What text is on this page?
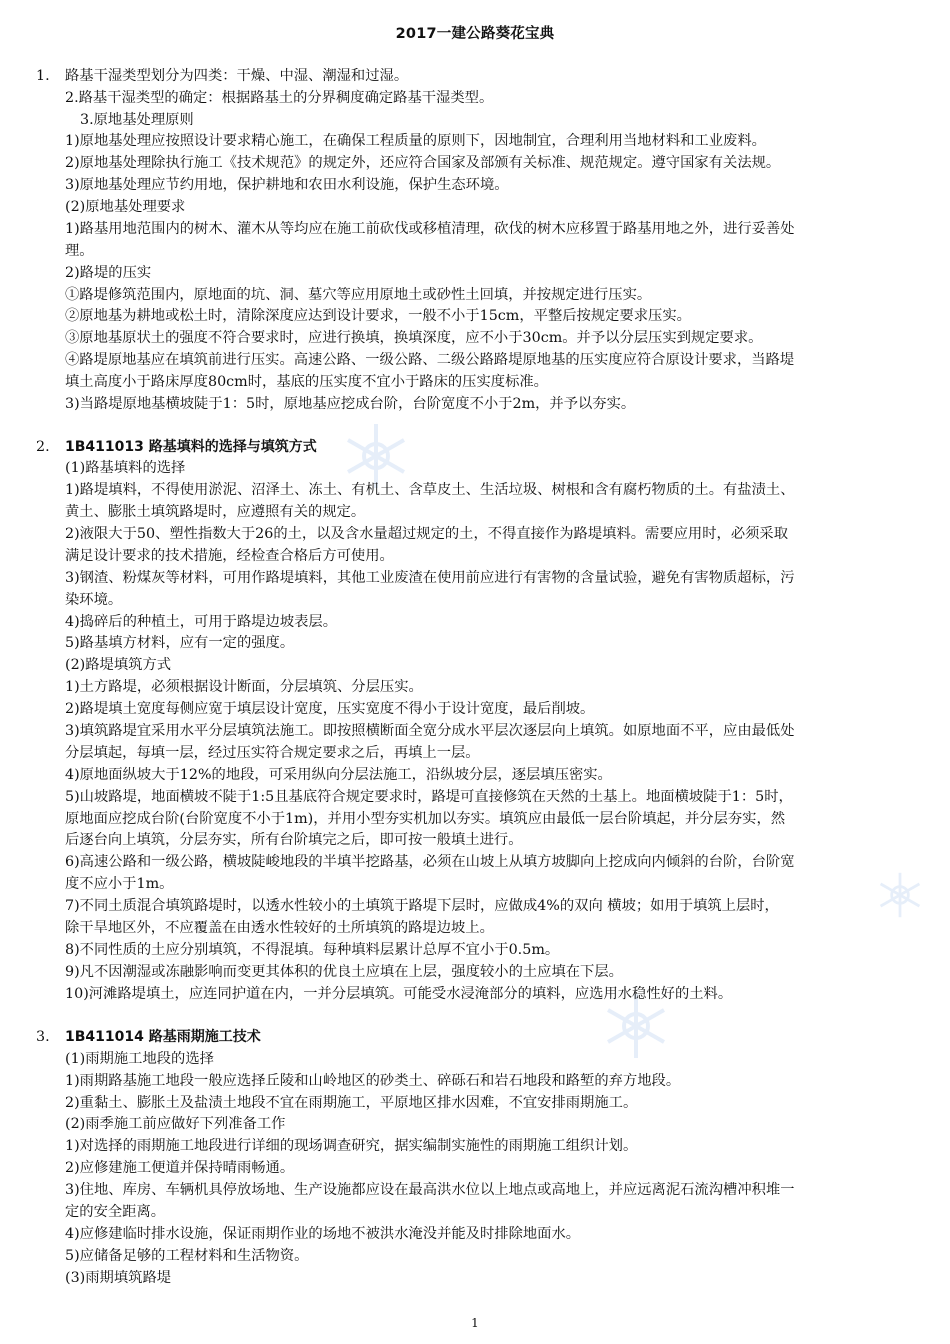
2017一建公路葵花宝典
1. 路基干湿类型划分为四类：干燥、中湿、潮湿和过湿。
2.路基干湿类型的确定：根据路基土的分界稠度确定路基干湿类型。
3.原地基处理原则
1)原地基处理应按照设计要求精心施工，在确保工程质量的原则下，因地制宜，合理利用当地材料和工业废料。
2)原地基处理除执行施工《技术规范》的规定外，还应符合国家及部颁有关标准、规范规定。遵守国家有关法规。
3)原地基处理应节约用地，保护耕地和农田水利设施，保护生态环境。
(2)原地基处理要求
1)路基用地范围内的树木、灌木从等均应在施工前砍伐或移植清理，砍伐的树木应移置于路基用地之外，进行妥善处
理。
2)路堤的压实
①路堤修筑范围内，原地面的坑、洞、墓穴等应用原地土或砂性土回填，并按规定进行压实。
②原地基为耕地或松土时，清除深度应达到设计要求，一般不小于15cm，平整后按规定要求压实。
③原地基原状土的强度不符合要求时，应进行换填，换填深度，应不小于30cm。并予以分层压实到规定要求。
④路堤原地基应在填筑前进行压实。高速公路、一级公路、二级公路路堤原地基的压实度应符合原设计要求，当路堤
填土高度小于路床厚度80cm时，基底的压实度不宜小于路床的压实度标准。
3)当路堤原地基横坡陡于1：5时，原地基应挖成台阶，台阶宽度不小于2m，并予以夯实。
2. 1B411013 路基填料的选择与填筑方式
(1)路基填料的选择
1)路堤填料，不得使用淤泥、沼泽土、冻土、有机土、含草皮土、生活垃圾、树根和含有腐朽物质的土。有盐渍土、
黄土、膨胀土填筑路堤时，应遵照有关的规定。
2)液限大于50、塑性指数大于26的土，以及含水量超过规定的土，不得直接作为路堤填料。需要应用时，必须采取
满足设计要求的技术措施，经检查合格后方可使用。
3)钢渣、粉煤灰等材料，可用作路堤填料，其他工业废渣在使用前应进行有害物的含量试验，避免有害物质超标，污
染环境。
4)捣碎后的种植土，可用于路堤边坡表层。
5)路基填方材料，应有一定的强度。
(2)路堤填筑方式
1)土方路堤，必须根据设计断面，分层填筑、分层压实。
2)路堤填土宽度每侧应宽于填层设计宽度，压实宽度不得小于设计宽度，最后削坡。
3)填筑路堤宜采用水平分层填筑法施工。即按照横断面全宽分成水平层次逐层向上填筑。如原地面不平，应由最低处
分层填起，每填一层，经过压实符合规定要求之后，再填上一层。
4)原地面纵坡大于12%的地段，可采用纵向分层法施工，沿纵坡分层，逐层填压密实。
5)山坡路堤，地面横坡不陡于1:5且基底符合规定要求时，路堤可直接修筑在天然的土基上。地面横坡陡于1：5时，
原地面应挖成台阶(台阶宽度不小于1m)，并用小型夯实机加以夯实。填筑应由最低一层台阶填起，并分层夯实，然
后逐台向上填筑，分层夯实，所有台阶填完之后，即可按一般填土进行。
6)高速公路和一级公路，横坡陡峻地段的半填半挖路基，必须在山坡上从填方坡脚向上挖成向内倾斜的台阶，台阶宽
度不应小于1m。
7)不同土质混合填筑路堤时，以透水性较小的土填筑于路堤下层时，应做成4%的双向 横坡；如用于填筑上层时，
除干旱地区外，不应覆盖在由透水性较好的土所填筑的路堤边坡上。
8)不同性质的土应分别填筑，不得混填。每种填料层累计总厚不宜小于0.5m。
9)凡不因潮湿或冻融影响而变更其体积的优良土应填在上层，强度较小的土应填在下层。
10)河滩路堤填土，应连同护道在内，一并分层填筑。可能受水浸淹部分的填料，应选用水稳性好的土料。
3. 1B411014 路基雨期施工技术
(1)雨期施工地段的选择
1)雨期路基施工地段一般应选择丘陵和山岭地区的砂类土、碎砾石和岩石地段和路堑的弃方地段。
2)重黏土、膨胀土及盐渍土地段不宜在雨期施工，平原地区排水因难，不宜安排雨期施工。
(2)雨季施工前应做好下列准备工作
1)对选择的雨期施工地段进行详细的现场调查研究，据实编制实施性的雨期施工组织计划。
2)应修建施工便道并保持晴雨畅通。
3)住地、库房、车辆机具停放场地、生产设施都应设在最高洪水位以上地点或高地上，并应远离泥石流沟槽冲积堆一
定的安全距离。
4)应修建临时排水设施，保证雨期作业的场地不被洪水淹没并能及时排除地面水。
5)应储备足够的工程材料和生活物资。
(3)雨期填筑路堤
1
